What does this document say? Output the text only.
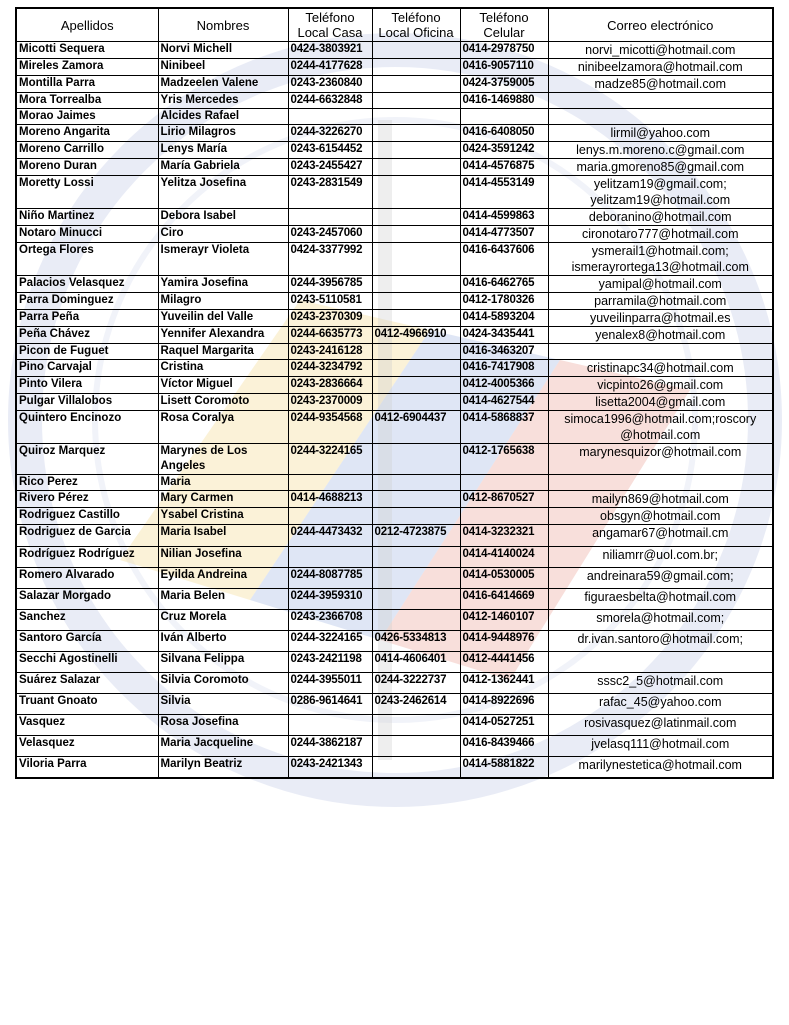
Apellidos	Nombres	Teléfono Local Casa	Teléfono Local Oficina	Teléfono Celular	Correo electrónico
Micotti Sequera	Norvi Michell	0424-3803921		0414-2978750	norvi_micotti@hotmail.com
Mireles Zamora	Ninibeel	0244-4177628		0416-9057110	ninibeelzamora@hotmail.com
Montilla Parra	Madzeelen Valene	0243-2360840		0424-3759005	madze85@hotmail.com
Mora Torrealba	Yris Mercedes	0244-6632848		0416-1469880	
Morao Jaimes	Alcides Rafael				
Moreno Angarita	Lirio Milagros	0244-3226270		0416-6408050	lirmil@yahoo.com
Moreno Carrillo	Lenys María	0243-6154452		0424-3591242	lenys.m.moreno.c@gmail.com
Moreno Duran	María Gabriela	0243-2455427		0414-4576875	maria.gmoreno85@gmail.com
Moretty Lossi	Yelitza Josefina	0243-2831549		0414-4553149	yelitzam19@gmail.com; yelitzam19@hotmail.com
Niño Martinez	Debora Isabel			0414-4599863	deboranino@hotmail.com
Notaro Minucci	Ciro	0243-2457060		0414-4773507	cironotaro777@hotmail.com
Ortega Flores	Ismerayr Violeta	0424-3377992		0416-6437606	ysmerail1@hotmail.com; ismerayrortega13@hotmail.com
Palacios Velasquez	Yamira Josefina	0244-3956785		0416-6462765	yamipal@hotmail.com
Parra Dominguez	Milagro	0243-5110581		0412-1780326	parramila@hotmail.com
Parra Peña	Yuveilin del Valle	0243-2370309		0414-5893204	yuveilinparra@hotmail.es
Peña Chávez	Yennifer Alexandra	0244-6635773	0412-4966910	0424-3435441	yenalex8@hotmail.com
Picon de Fuguet	Raquel Margarita	0243-2416128		0416-3463207	
Pino Carvajal	Cristina	0244-3234792		0416-7417908	cristinapc34@hotmail.com
Pinto Vilera	Víctor Miguel	0243-2836664		0412-4005366	vicpinto26@gmail.com
Pulgar Villalobos	Lisett Coromoto	0243-2370009		0414-4627544	lisetta2004@gmail.com
Quintero Encinozo	Rosa Coralya	0244-9354568	0412-6904437	0414-5868837	simoca1996@hotmail.com;roscory @hotmail.com
Quiroz Marquez	Marynes de Los Angeles	0244-3224165		0412-1765638	marynesquizor@hotmail.com
Rico Perez	Maria				
Rivero Pérez	Mary Carmen	0414-4688213		0412-8670527	mailyn869@hotmail.com
Rodriguez Castillo	Ysabel Cristina				obsgyn@hotmail.com
Rodriguez de Garcia	Maria Isabel	0244-4473432	0212-4723875	0414-3232321	angamar67@hotmail.cm
Rodríguez Rodríguez	Nilian Josefina			0414-4140024	niliamrr@uol.com.br;
Romero Alvarado	Eyilda Andreina	0244-8087785		0414-0530005	andreinara59@gmail.com;
Salazar Morgado	Maria Belen	0244-3959310		0416-6414669	figuraesbelta@hotmail.com
Sanchez	Cruz Morela	0243-2366708		0412-1460107	smorela@hotmail.com;
Santoro García	Iván Alberto	0244-3224165	0426-5334813	0414-9448976	dr.ivan.santoro@hotmail.com;
Secchi Agostinelli	Silvana Felippa	0243-2421198	0414-4606401	0412-4441456	
Suárez Salazar	Silvia Coromoto	0244-3955011	0244-3222737	0412-1362441	sssc2_5@hotmail.com
Truant Gnoato	Silvia	0286-9614641	0243-2462614	0414-8922696	rafac_45@yahoo.com
Vasquez	Rosa Josefina			0414-0527251	rosivasquez@latinmail.com
Velasquez	Maria Jacqueline	0244-3862187		0416-8439466	jvelasq111@hotmail.com
Viloria Parra	Marilyn Beatriz	0243-2421343		0414-5881822	marilynestetica@hotmail.com
